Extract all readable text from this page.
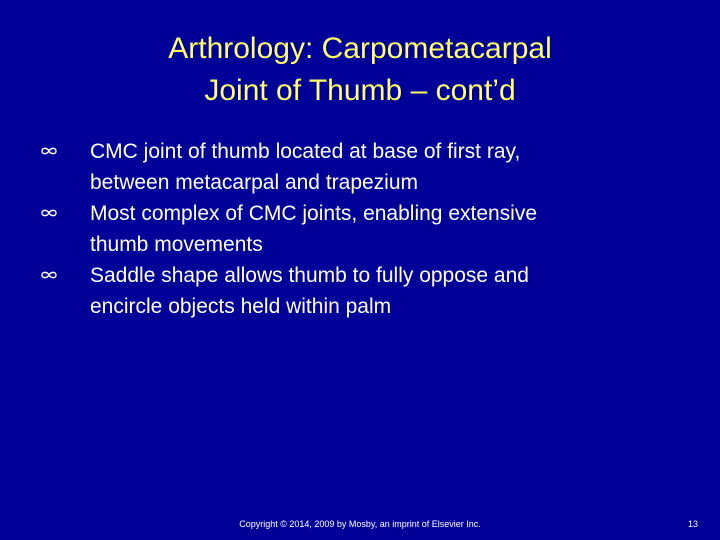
Arthrology: Carpometacarpal
Joint of Thumb – cont’d
CMC joint of thumb located at base of first ray,
between metacarpal and trapezium
Most complex of CMC joints, enabling extensive
thumb movements
Saddle shape allows thumb to fully oppose and
encircle objects held within palm
Copyright © 2014, 2009 by Mosby, an imprint of Elsevier Inc.	13
